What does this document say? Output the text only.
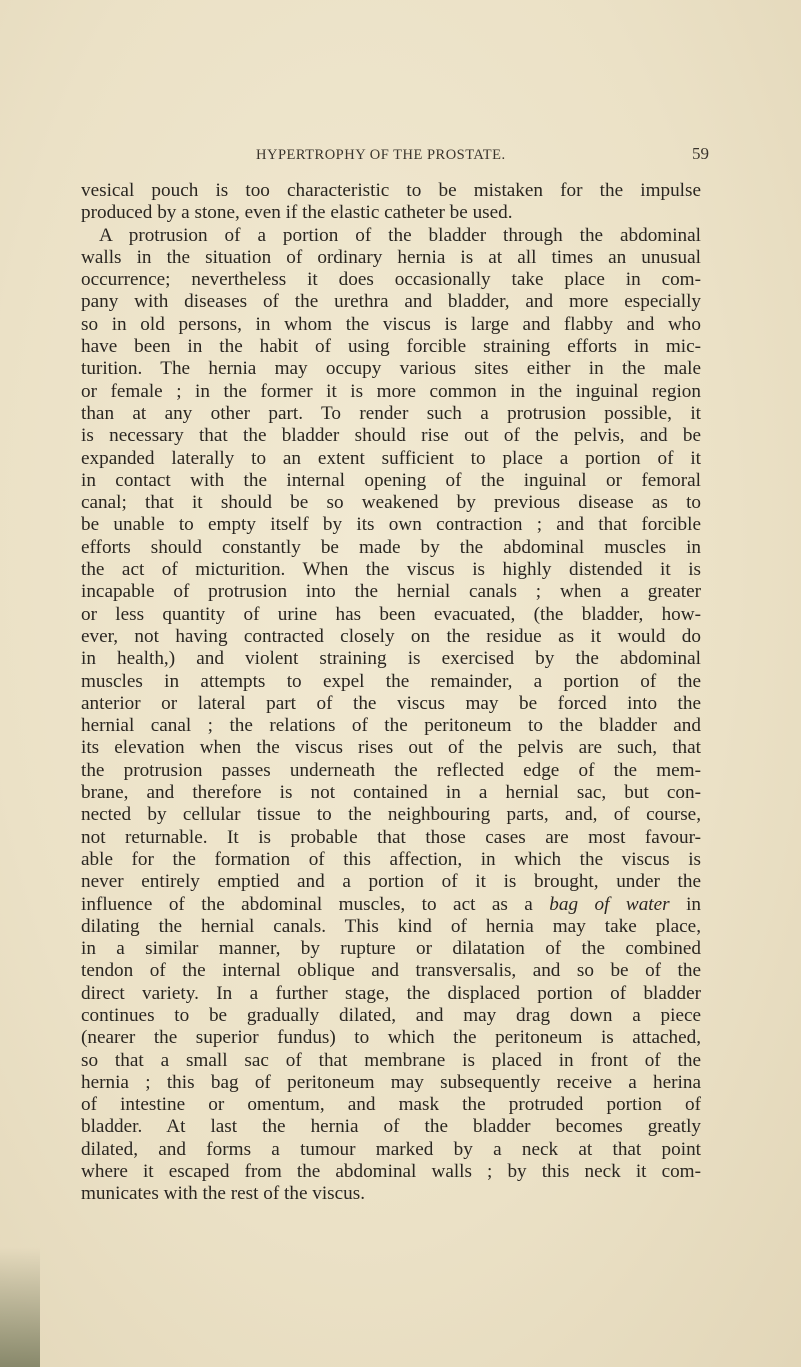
HYPERTROPHY OF THE PROSTATE.	59
vesical pouch is too characteristic to be mistaken for the impulse
produced by a stone, even if the elastic catheter be used.
A protrusion of a portion of the bladder through the abdominal
walls in the situation of ordinary hernia is at all times an unusual
occurrence; nevertheless it does occasionally take place in com-
pany with diseases of the urethra and bladder, and more especially
so in old persons, in whom the viscus is large and flabby and who
have been in the habit of using forcible straining efforts in mic-
turition. The hernia may occupy various sites either in the male
or female ; in the former it is more common in the inguinal region
than at any other part. To render such a protrusion possible, it
is necessary that the bladder should rise out of the pelvis, and be
expanded laterally to an extent sufficient to place a portion of it
in contact with the internal opening of the inguinal or femoral
canal; that it should be so weakened by previous disease as to
be unable to empty itself by its own contraction ; and that forcible
efforts should constantly be made by the abdominal muscles in
the act of micturition. When the viscus is highly distended it is
incapable of protrusion into the hernial canals ; when a greater
or less quantity of urine has been evacuated, (the bladder, how-
ever, not having contracted closely on the residue as it would do
in health,) and violent straining is exercised by the abdominal
muscles in attempts to expel the remainder, a portion of the
anterior or lateral part of the viscus may be forced into the
hernial canal ; the relations of the peritoneum to the bladder and
its elevation when the viscus rises out of the pelvis are such, that
the protrusion passes underneath the reflected edge of the mem-
brane, and therefore is not contained in a hernial sac, but con-
nected by cellular tissue to the neighbouring parts, and, of course,
not returnable. It is probable that those cases are most favour-
able for the formation of this affection, in which the viscus is
never entirely emptied and a portion of it is brought, under the
influence of the abdominal muscles, to act as a bag of water in
dilating the hernial canals. This kind of hernia may take place,
in a similar manner, by rupture or dilatation of the combined
tendon of the internal oblique and transversalis, and so be of the
direct variety. In a further stage, the displaced portion of bladder
continues to be gradually dilated, and may drag down a piece
(nearer the superior fundus) to which the peritoneum is attached,
so that a small sac of that membrane is placed in front of the
hernia ; this bag of peritoneum may subsequently receive a herina
of intestine or omentum, and mask the protruded portion of
bladder. At last the hernia of the bladder becomes greatly
dilated, and forms a tumour marked by a neck at that point
where it escaped from the abdominal walls ; by this neck it com-
municates with the rest of the viscus.
